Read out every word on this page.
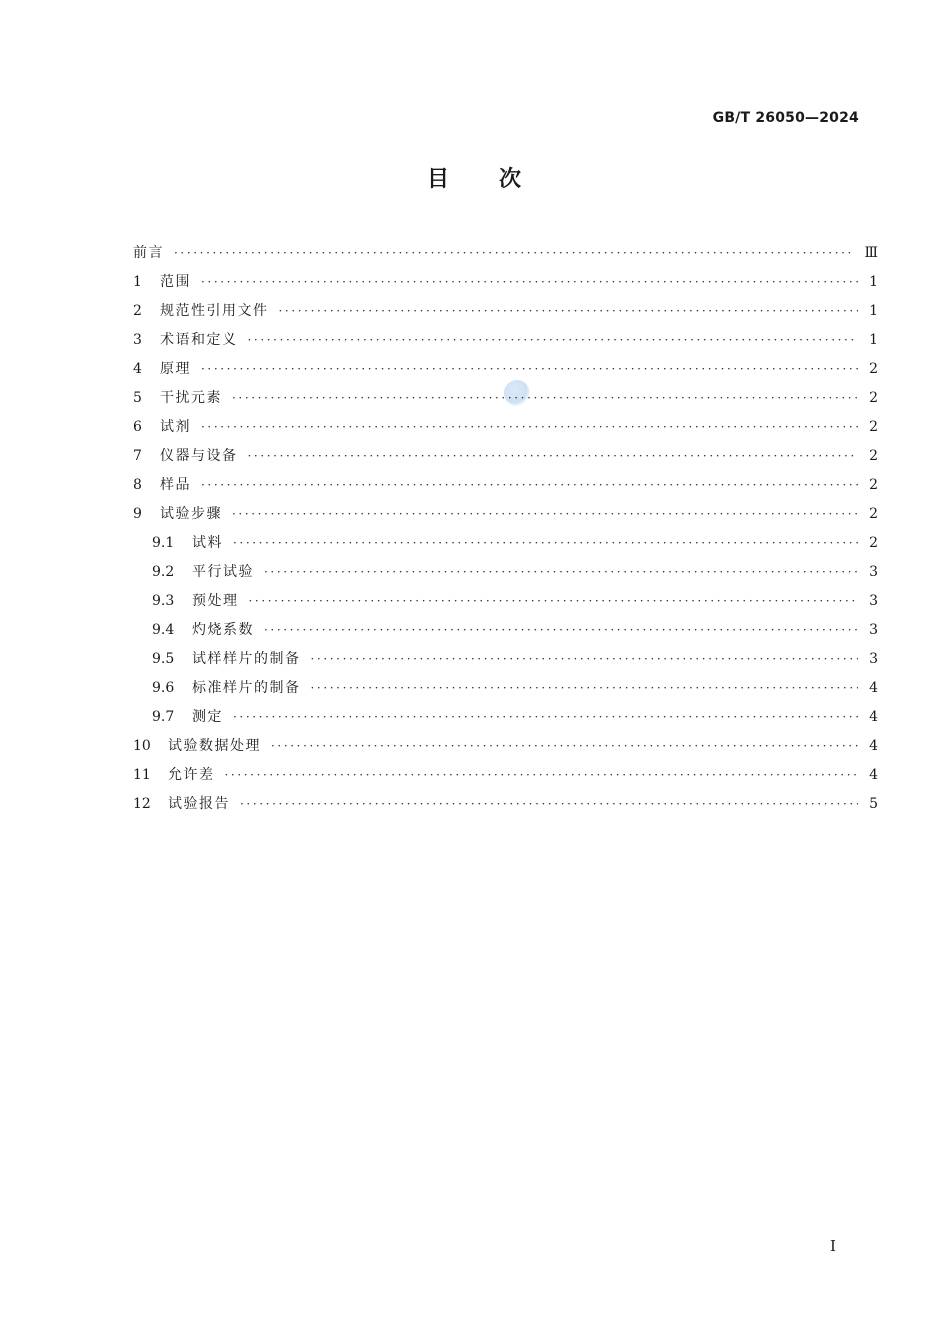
GB/T 26050—2024
目 次
前言 ·····	Ⅲ
1	范围 ·····	1
2	规范性引用文件 ·····	1
3	术语和定义 ·····	1
4	原理 ·····	2
5	干扰元素 ·····	2
6	试剂 ·····	2
7	仪器与设备 ·····	2
8	样品 ·····	2
9	试验步骤 ·····	2
9.1	试料 ·····	2
9.2	平行试验 ·····	3
9.3	预处理 ·····	3
9.4	灼烧系数 ·····	3
9.5	试样样片的制备 ·····	3
9.6	标准样片的制备 ·····	4
9.7	测定 ·····	4
10	试验数据处理 ·····	4
11	允许差 ·····	4
12	试验报告 ·····	5
Ⅰ
